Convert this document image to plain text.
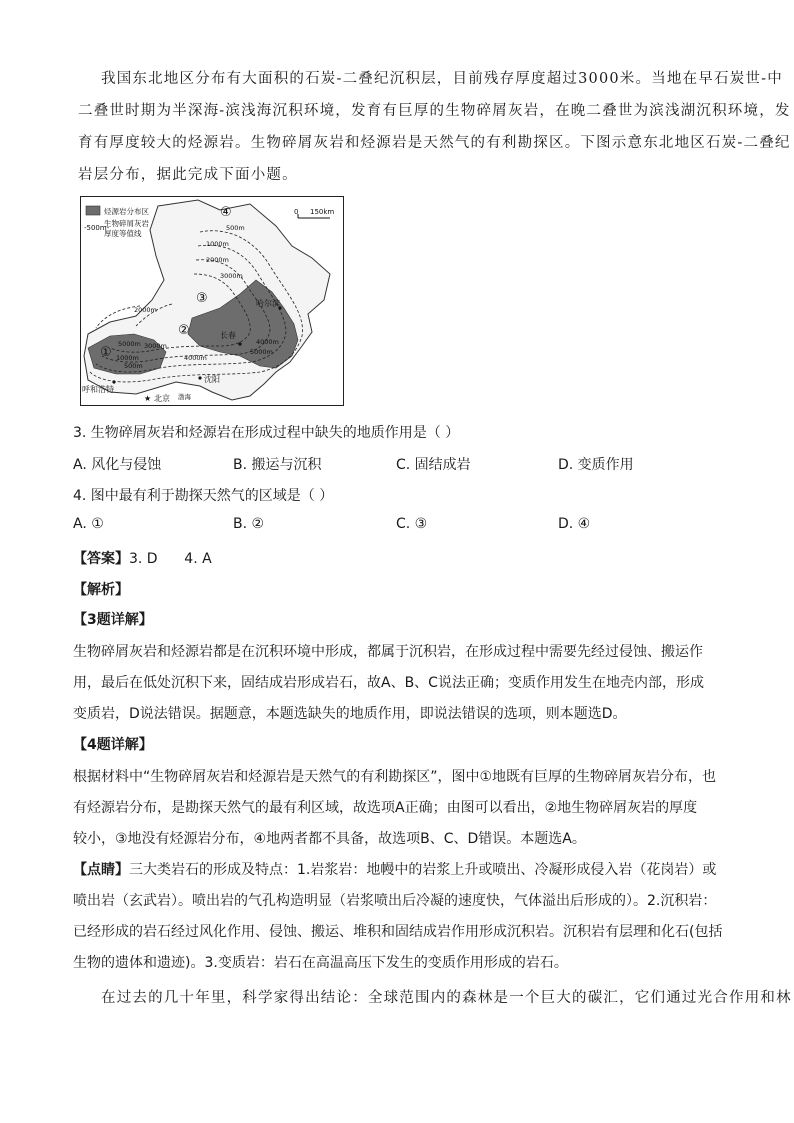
我国东北地区分布有大面积的石炭-二叠纪沉积层，目前残存厚度超过3000米。当地在早石炭世-中
二叠世时期为半深海-滨浅海沉积环境，发育有巨厚的生物碎屑灰岩，在晚二叠世为滨浅湖沉积环境，发
育有厚度较大的烃源岩。生物碎屑灰岩和烃源岩是天然气的有利勘探区。下图示意东北地区石炭-二叠纪
岩层分布，据此完成下面小题。
烃源岩分布区
-500m-
生物碎屑灰岩
厚度等值线
0 150km
500m
1000m
2000m
3000m
2000m
5000m 3000m
4000m
4000m
5000m
1000m
500m
①
②
③
④
哈尔滨
长春
沈阳
呼和浩特
★ 北京 渤海
3. 生物碎屑灰岩和烃源岩在形成过程中缺失的地质作用是（ ）
A. 风化与侵蚀	B. 搬运与沉积	C. 固结成岩	D. 变质作用
4. 图中最有利于勘探天然气的区域是（ ）
A. ①	B. ②	C. ③	D. ④
【答案】3. D      4. A
【解析】
【3题详解】
生物碎屑灰岩和烃源岩都是在沉积环境中形成，都属于沉积岩，在形成过程中需要先经过侵蚀、搬运作
用，最后在低处沉积下来，固结成岩形成岩石，故A、B、C说法正确；变质作用发生在地壳内部，形成
变质岩，D说法错误。据题意，本题选缺失的地质作用，即说法错误的选项，则本题选D。
【4题详解】
根据材料中“生物碎屑灰岩和烃源岩是天然气的有利勘探区”，图中①地既有巨厚的生物碎屑灰岩分布，也
有烃源岩分布，是勘探天然气的最有利区域，故选项A正确；由图可以看出，②地生物碎屑灰岩的厚度
较小，③地没有烃源岩分布，④地两者都不具备，故选项B、C、D错误。本题选A。
【点睛】三大类岩石的形成及特点：1.岩浆岩：地幔中的岩浆上升或喷出、冷凝形成侵入岩（花岗岩）或
喷出岩（玄武岩）。喷出岩的气孔构造明显（岩浆喷出后冷凝的速度快，气体溢出后形成的）。2.沉积岩：
已经形成的岩石经过风化作用、侵蚀、搬运、堆积和固结成岩作用形成沉积岩。沉积岩有层理和化石(包括
生物的遗体和遗迹)。3.变质岩：岩石在高温高压下发生的变质作用形成的岩石。
在过去的几十年里，科学家得出结论：全球范围内的森林是一个巨大的碳汇，它们通过光合作用和林
